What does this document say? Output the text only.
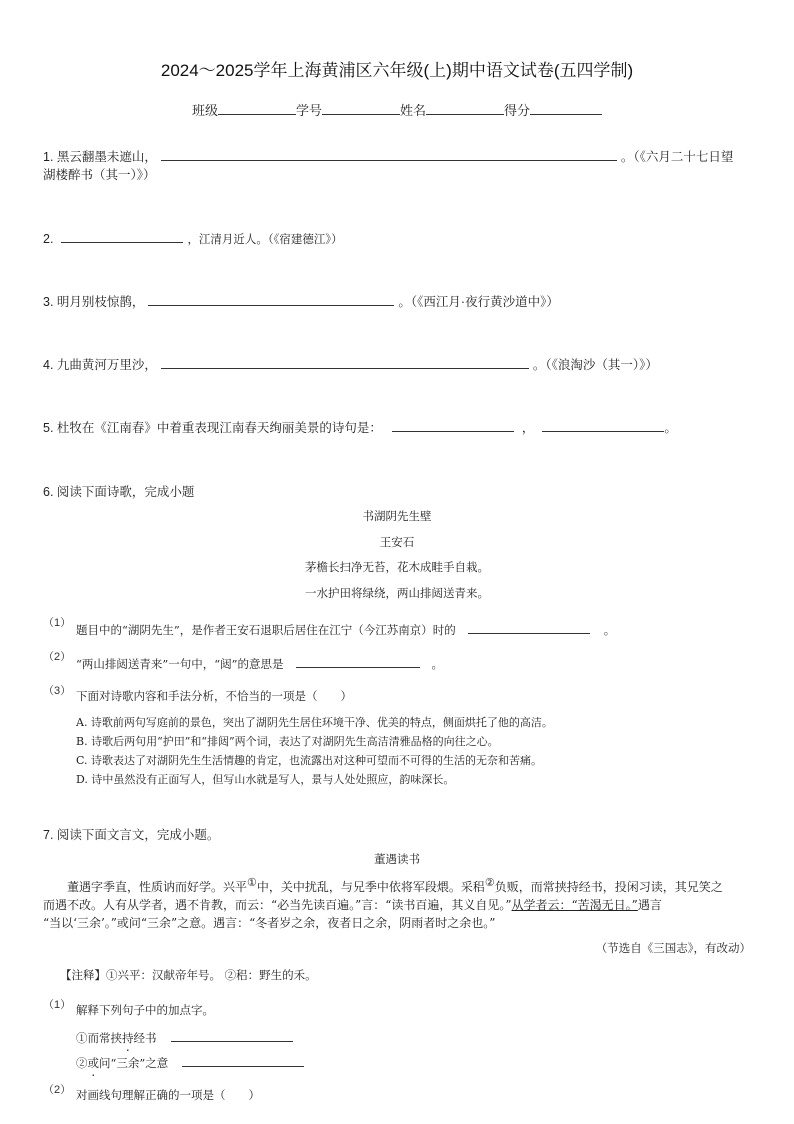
2024～2025学年上海黄浦区六年级(上)期中语文试卷(五四学制)
班级	学号	姓名	得分
1. 黑云翻墨未遮山，	。（《六月二十七日望
湖楼醉书（其一）》）
2.	，江清月近人。（《宿建德江》）
3. 明月别枝惊鹊，	。（《西江月·夜行黄沙道中》）
4. 九曲黄河万里沙，	。（《浪淘沙（其一）》）
5. 杜牧在《江南春》中着重表现江南春天绚丽美景的诗句是：	，	。
6. 阅读下面诗歌，完成小题
书湖阴先生壁
王安石
茅檐长扫净无苔，花木成畦手自栽。
一水护田将绿绕，两山排闼送青来。
（1） 题目中的“湖阴先生”，是作者王安石退职后居住在江宁（今江苏南京）时的	。
（2） “两山排闼送青来”一句中，“闼”的意思是	。
（3） 下面对诗歌内容和手法分析，不恰当的一项是（　　）
A. 诗歌前两句写庭前的景色，突出了湖阴先生居住环境干净、优美的特点，侧面烘托了他的高洁。
B. 诗歌后两句用“护田”和“排闼”两个词，表达了对湖阴先生高洁清雅品格的向往之心。
C. 诗歌表达了对湖阴先生生活情趣的肯定，也流露出对这种可望而不可得的生活的无奈和苦痛。
D. 诗中虽然没有正面写人，但写山水就是写人，景与人处处照应，韵味深长。
7. 阅读下面文言文，完成小题。
董遇读书
董遇字季直，性质讷而好学。兴平①中，关中扰乱，与兄季中依将军段煨。采稆②负贩，而常挟持经书，投闲习读，其兄笑之
而遇不改。人有从学者，遇不肯教，而云：“必当先读百遍。”言：“读书百遍，其义自见。”从学者云：“苦渴无日。”遇言
“当以‘三余’。”或问“三余”之意。遇言：“冬者岁之余，夜者日之余，阴雨者时之余也。”
（节选自《三国志》，有改动）
【注释】①兴平：汉献帝年号。 ②稆：野生的禾。
（1） 解释下列句子中的加点字。
①而常挟持经书
②或问“三余”之意
（2） 对画线句理解正确的一项是（　　）
